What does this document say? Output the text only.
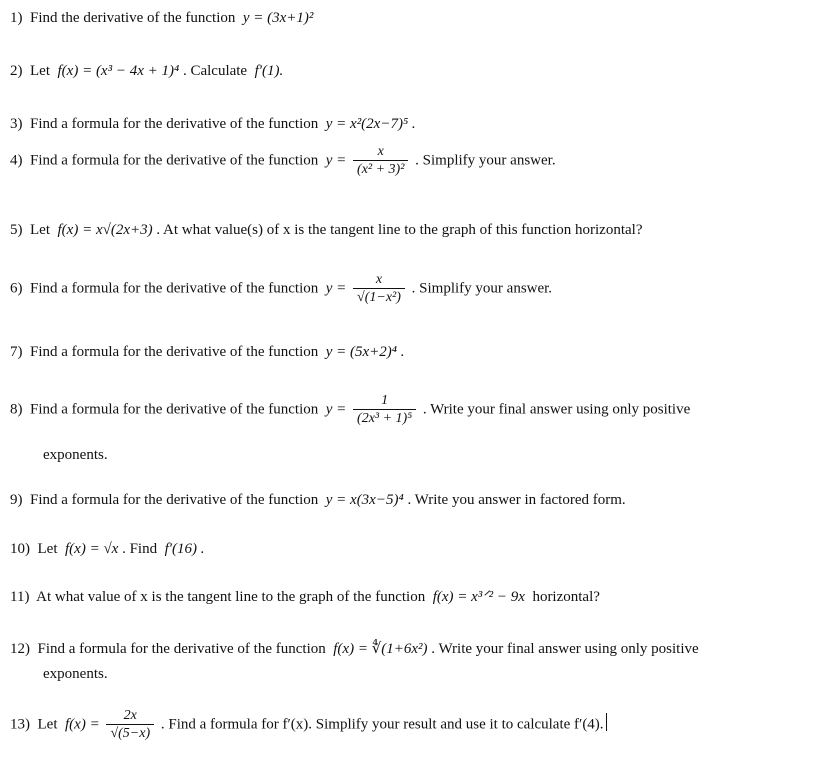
1) Find the derivative of the function y = (3x+1)²
2) Let f(x) = (x³ − 4x + 1)⁴ . Calculate f′(1).
3) Find a formula for the derivative of the function y = x²(2x−7)⁵ .
4) Find a formula for the derivative of the function $y = \frac{x}{\text{(x² + 3)²}}$ . Simplify your answer.
5) Let f(x) = x√(2x+3) . At what value(s) of x is the tangent line to the graph of this function horizontal?
6) Find a formula for the derivative of the function $y = \frac{x}{\text{√(1−x²)}}$ . Simplify your answer.
7) Find a formula for the derivative of the function y = (5x+2)⁴ .
8) Find a formula for the derivative of the function $y = \frac{1}{\text{(2x³ + 1)⁵}}$ . Write your final answer using only positive
exponents.
9) Find a formula for the derivative of the function y = x(3x−5)⁴ . Write you answer in factored form.
10) Let f(x) = √x . Find f′(16) .
11) At what value of x is the tangent line to the graph of the function f(x) = x³ᐟ² − 9x horizontal?
12) Find a formula for the derivative of the function f(x) = ∜(1+6x²) . Write your final answer using only positive
exponents.
13) Let $f(x) = \frac{2x}{√(5-x)}$ . Find a formula for f′(x). Simplify your result and use it to calculate f′(4).
